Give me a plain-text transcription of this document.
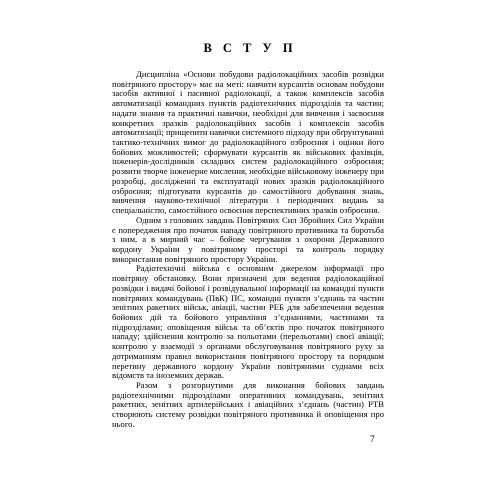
В С Т У П

Дисципліна «Основи побудови радіолокаційних засобів розвідки повітряного простору» має на меті: навчити курсантів основам побудови засобів активної і пасивної радіолокації, а також комплексів засобів автоматизації командних пунктів радіотехнічних підрозділів та частин; надати знання та практичні навички, необхідні для вивчення і засвоєння конкретних зразків радіолокаційних засобів і комплексів засобів автоматизації; прищепити навички системного підходу при обґрунтуванні тактико-технічних вимог до радіолокаційного озброєння і оцінки його бойових можливостей; сформувати курсантів як військових фахівців, інженерів-дослідників складних систем радіолокаційного озброєння; розвити творче інженерне мислення, необхідне військовому інженеру при розробці, дослідженні та експлуатації нових зразків радіолокаційного озброєння; підготувати курсантів до самостійного добування знань, вивчення науково-технічної літератури і періодичних видань за спеціальністю, самостійного освоєння перспективних зразків озброєння.

Одним з головних завдань Повітряних Сил Збройних Сил України є попередження про початок нападу повітряного противника та боротьба з ним, а в мирний час – бойове чергування з охорони Державного кордону України у повітряному просторі та контроль порядку використання повітряного простору України.

Радіотехнічні війська є основним джерелом інформації про повітряну обстановку. Вони призначені для ведення радіолокаційної розвідки і видачі бойової і розвідувальної інформації на командні пункти повітряних командувань (ПвК) ПС, командні пункти з’єднань та частин зенітних ракетних військ, авіації, частин РЕБ для забезпечення ведення бойових дій та бойового управління з’єднаннями, частинами та підрозділами; оповіщення військ та об’єктів про початок повітряного нападу; здійснення контролю за польотами (перельотами) своєї авіації; контролю у взаємодії з органами обслуговування повітряного руху за дотриманням правил використання повітряного простору та порядком перетину державного кордону України повітряними суднами всіх відомств та іноземних держав.

Разом з розгорнутими для виконання бойових завдань радіотехнічними підрозділами оперативних командувань, зенітних ракетних, зенітних артилерійських і авіаційних з’єднань (частин) РТВ створюють систему розвідки повітряного противника й оповіщення про нього.

7
